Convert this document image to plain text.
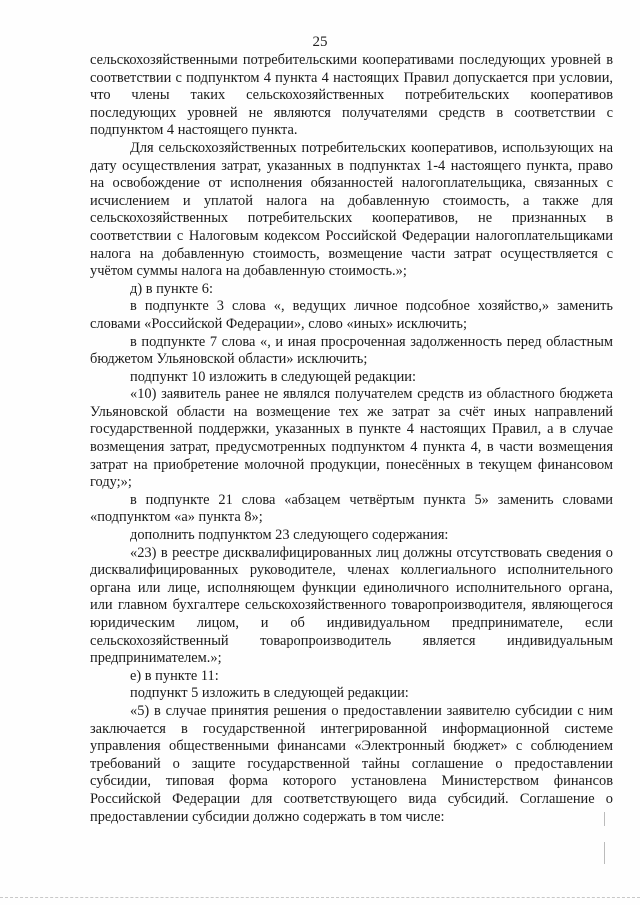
25

сельскохозяйственными потребительскими кооперативами последующих уровней в соответствии с подпунктом 4 пункта 4 настоящих Правил допускается при условии, что члены таких сельскохозяйственных потребительских кооперативов последующих уровней не являются получателями средств в соответствии с подпунктом 4 настоящего пункта.

Для сельскохозяйственных потребительских кооперативов, использующих на дату осуществления затрат, указанных в подпунктах 1-4 настоящего пункта, право на освобождение от исполнения обязанностей налогоплательщика, связанных с исчислением и уплатой налога на добавленную стоимость, а также для сельскохозяйственных потребительских кооперативов, не признанных в соответствии с Налоговым кодексом Российской Федерации налогоплательщиками налога на добавленную стоимость, возмещение части затрат осуществляется с учётом суммы налога на добавленную стоимость.»;

д) в пункте 6:

в подпункте 3 слова «, ведущих личное подсобное хозяйство,» заменить словами «Российской Федерации», слово «иных» исключить;

в подпункте 7 слова «, и иная просроченная задолженность перед областным бюджетом Ульяновской области» исключить;

подпункт 10 изложить в следующей редакции:

«10) заявитель ранее не являлся получателем средств из областного бюджета Ульяновской области на возмещение тех же затрат за счёт иных направлений государственной поддержки, указанных в пункте 4 настоящих Правил, а в случае возмещения затрат, предусмотренных подпунктом 4 пункта 4, в части возмещения затрат на приобретение молочной продукции, понесённых в текущем финансовом году;»;

в подпункте 21 слова «абзацем четвёртым пункта 5» заменить словами «подпунктом «а» пункта 8»;

дополнить подпунктом 23 следующего содержания:

«23) в реестре дисквалифицированных лиц должны отсутствовать сведения о дисквалифицированных руководителе, членах коллегиального исполнительного органа или лице, исполняющем функции единоличного исполнительного органа, или главном бухгалтере сельскохозяйственного товаропроизводителя, являющегося юридическим лицом, и об индивидуальном предпринимателе, если сельскохозяйственный товаропроизводитель является индивидуальным предпринимателем.»;

е) в пункте 11:

подпункт 5 изложить в следующей редакции:

«5) в случае принятия решения о предоставлении заявителю субсидии с ним заключается в государственной интегрированной информационной системе управления общественными финансами «Электронный бюджет» с соблюдением требований о защите государственной тайны соглашение о предоставлении субсидии, типовая форма которого установлена Министерством финансов Российской Федерации для соответствующего вида субсидий. Соглашение о предоставлении субсидии должно содержать в том числе:
